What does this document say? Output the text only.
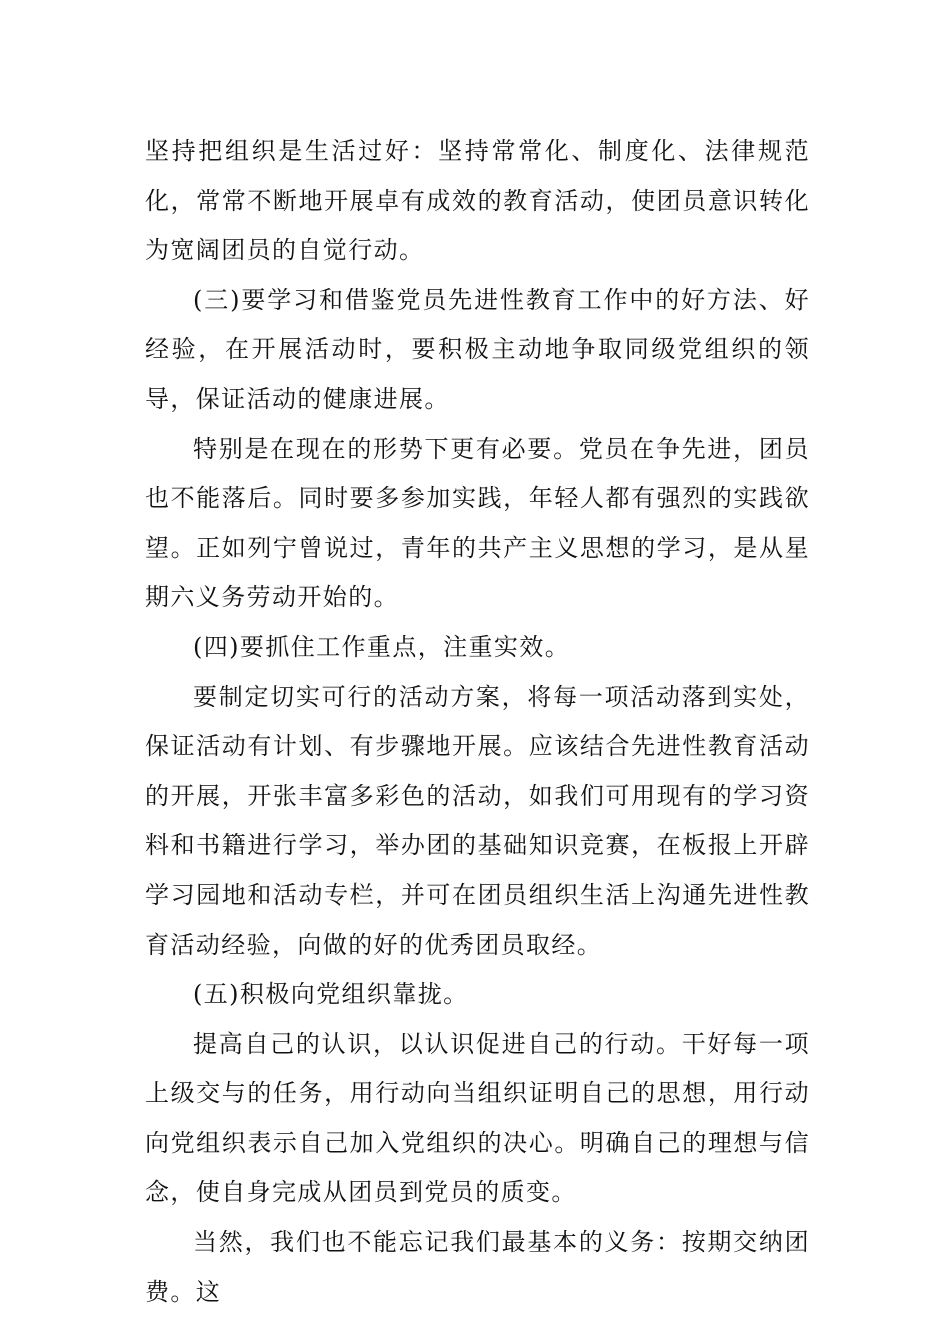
坚持把组织是生活过好：坚持常常化、制度化、法律规范化，常常不断地开展卓有成效的教育活动，使团员意识转化为宽阔团员的自觉行动。

(三)要学习和借鉴党员先进性教育工作中的好方法、好经验，在开展活动时，要积极主动地争取同级党组织的领导，保证活动的健康进展。

特别是在现在的形势下更有必要。党员在争先进，团员也不能落后。同时要多参加实践，年轻人都有强烈的实践欲望。正如列宁曾说过，青年的共产主义思想的学习，是从星期六义务劳动开始的。

(四)要抓住工作重点，注重实效。

要制定切实可行的活动方案，将每一项活动落到实处，保证活动有计划、有步骤地开展。应该结合先进性教育活动的开展，开张丰富多彩色的活动，如我们可用现有的学习资料和书籍进行学习，举办团的基础知识竞赛，在板报上开辟学习园地和活动专栏，并可在团员组织生活上沟通先进性教育活动经验，向做的好的优秀团员取经。

(五)积极向党组织靠拢。

提高自己的认识，以认识促进自己的行动。干好每一项上级交与的任务，用行动向当组织证明自己的思想，用行动向党组织表示自己加入党组织的决心。明确自己的理想与信念，使自身完成从团员到党员的质变。

当然，我们也不能忘记我们最基本的义务：按期交纳团费。这
